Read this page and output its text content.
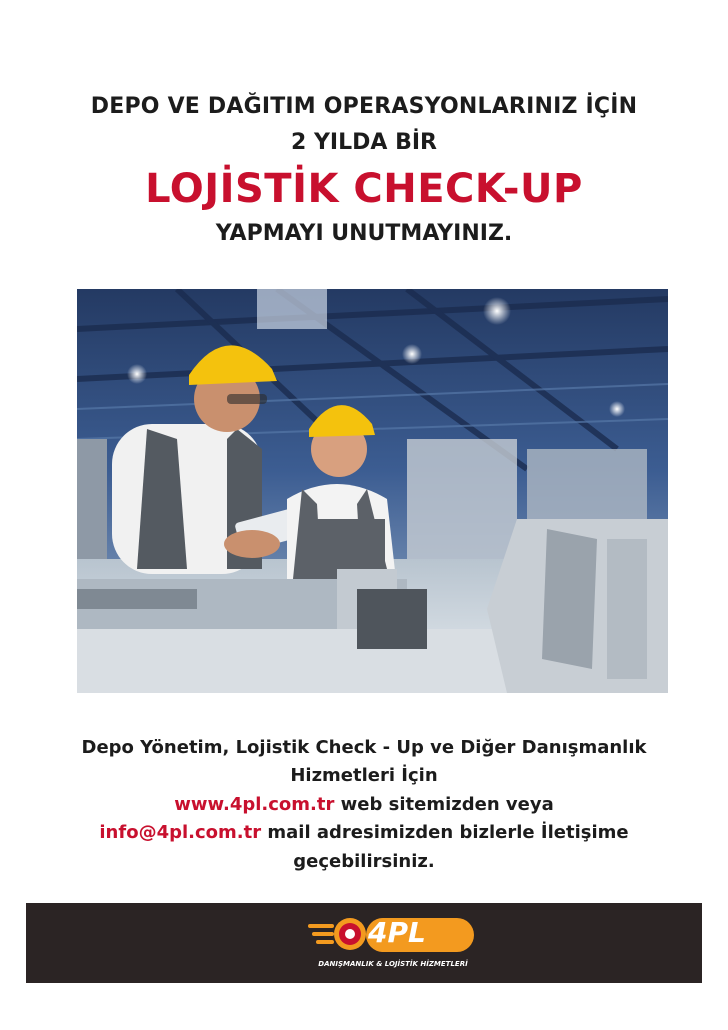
DEPO VE DAĞITIM OPERASYONLARINIZ İÇİN
2 YILDA BİR
LOJİSTİK CHECK-UP
YAPMAYI UNUTMAYINIZ.
Depo Yönetim, Lojistik Check - Up ve Diğer Danışmanlık
Hizmetleri İçin
www.4pl.com.tr web sitemizden veya
info@4pl.com.tr mail adresimizden bizlerle İletişime
geçebilirsiniz.
4PL
DANIŞMANLIK & LOJİSTİK HİZMETLERİ
